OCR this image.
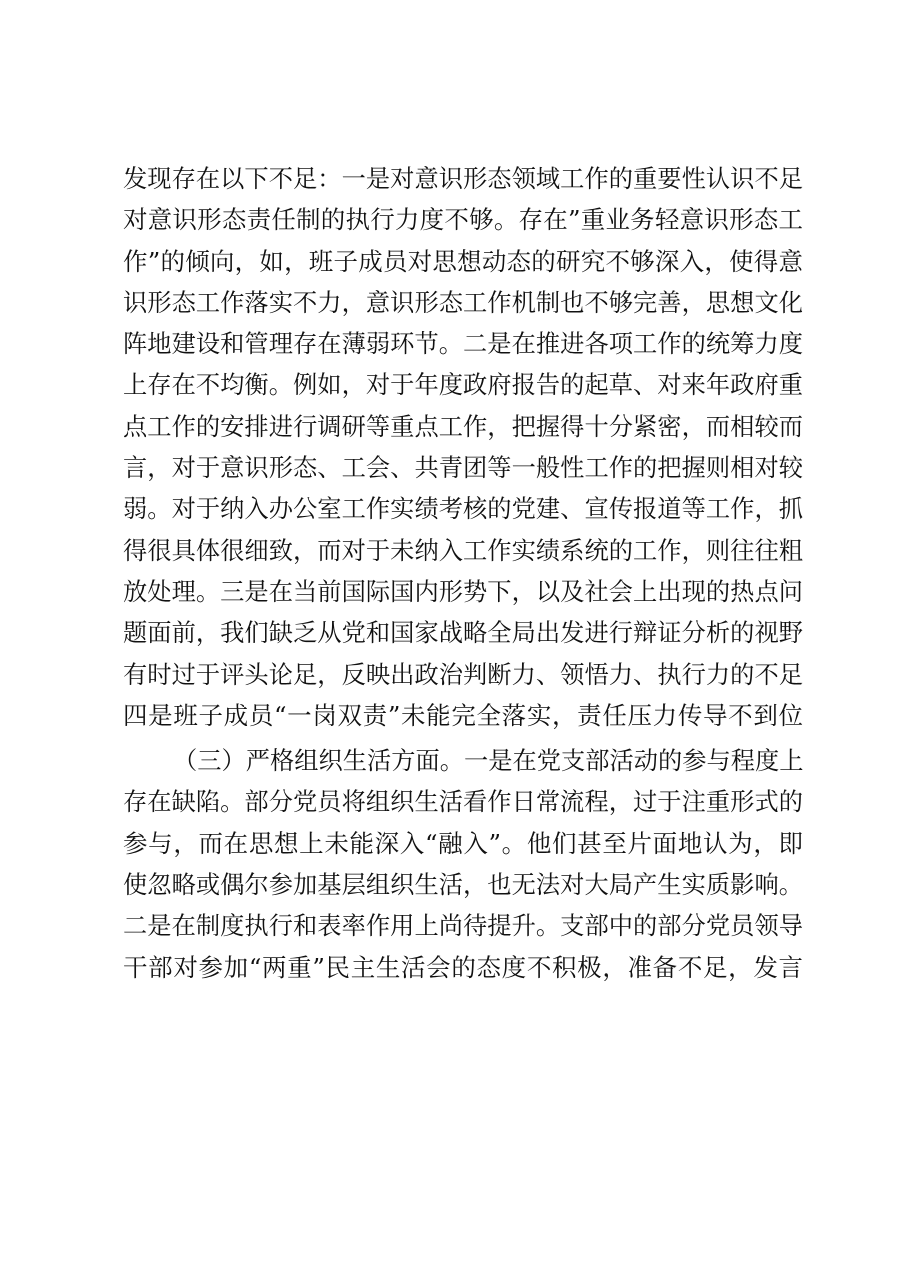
发现存在以下不足：一是对意识形态领域工作的重要性认识不足
对意识形态责任制的执行力度不够。存在”重业务轻意识形态工
作”的倾向，如，班子成员对思想动态的研究不够深入，使得意
识形态工作落实不力，意识形态工作机制也不够完善，思想文化
阵地建设和管理存在薄弱环节。二是在推进各项工作的统筹力度
上存在不均衡。例如，对于年度政府报告的起草、对来年政府重
点工作的安排进行调研等重点工作，把握得十分紧密，而相较而
言，对于意识形态、工会、共青团等一般性工作的把握则相对较
弱。对于纳入办公室工作实绩考核的党建、宣传报道等工作，抓
得很具体很细致，而对于未纳入工作实绩系统的工作，则往往粗
放处理。三是在当前国际国内形势下，以及社会上出现的热点问
题面前，我们缺乏从党和国家战略全局出发进行辩证分析的视野
有时过于评头论足，反映出政治判断力、领悟力、执行力的不足
四是班子成员“一岗双责”未能完全落实，责任压力传导不到位
（三）严格组织生活方面。一是在党支部活动的参与程度上
存在缺陷。部分党员将组织生活看作日常流程，过于注重形式的
参与，而在思想上未能深入“融入”。他们甚至片面地认为，即
使忽略或偶尔参加基层组织生活，也无法对大局产生实质影响。
二是在制度执行和表率作用上尚待提升。支部中的部分党员领导
干部对参加“两重”民主生活会的态度不积极，准备不足，发言
